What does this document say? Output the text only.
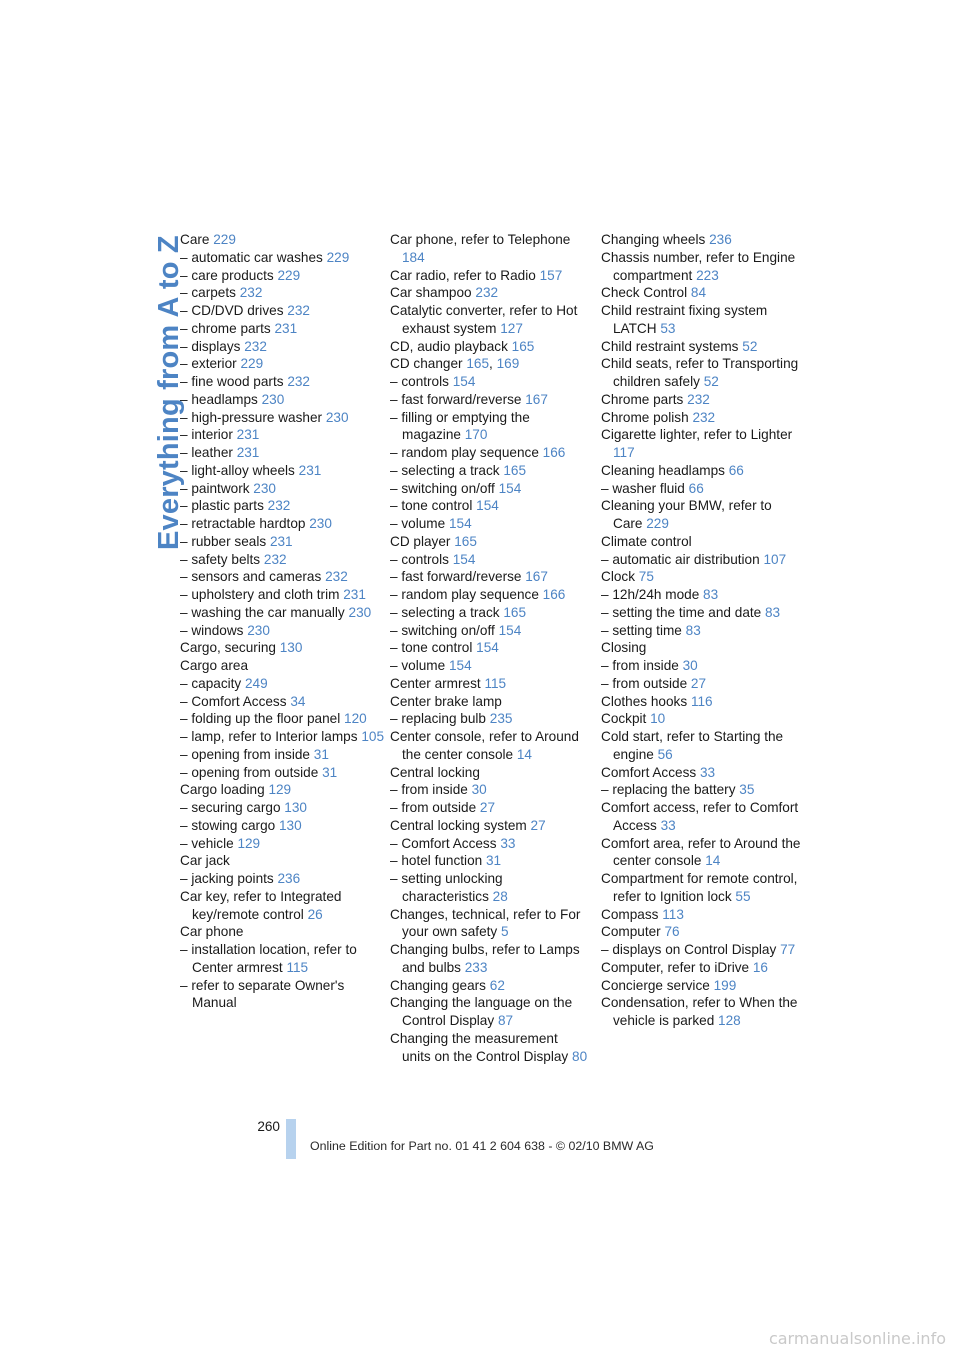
Everything from A to Z
Care 229
– automatic car washes 229
– care products 229
– carpets 232
– CD/DVD drives 232
– chrome parts 231
– displays 232
– exterior 229
– fine wood parts 232
– headlamps 230
– high-pressure washer 230
– interior 231
– leather 231
– light-alloy wheels 231
– paintwork 230
– plastic parts 232
– retractable hardtop 230
– rubber seals 231
– safety belts 232
– sensors and cameras 232
– upholstery and cloth trim 231
– washing the car manually 230
– windows 230
Cargo, securing 130
Cargo area
– capacity 249
– Comfort Access 34
– folding up the floor panel 120
– lamp, refer to Interior lamps 105
– opening from inside 31
– opening from outside 31
Cargo loading 129
– securing cargo 130
– stowing cargo 130
– vehicle 129
Car jack
– jacking points 236
Car key, refer to Integrated key/remote control 26
Car phone
– installation location, refer to Center armrest 115
– refer to separate Owner's Manual
Car phone, refer to Telephone 184
Car radio, refer to Radio 157
Car shampoo 232
Catalytic converter, refer to Hot exhaust system 127
CD, audio playback 165
CD changer 165, 169
– controls 154
– fast forward/reverse 167
– filling or emptying the magazine 170
– random play sequence 166
– selecting a track 165
– switching on/off 154
– tone control 154
– volume 154
CD player 165
– controls 154
– fast forward/reverse 167
– random play sequence 166
– selecting a track 165
– switching on/off 154
– tone control 154
– volume 154
Center armrest 115
Center brake lamp
– replacing bulb 235
Center console, refer to Around the center console 14
Central locking
– from inside 30
– from outside 27
Central locking system 27
– Comfort Access 33
– hotel function 31
– setting unlocking characteristics 28
Changes, technical, refer to For your own safety 5
Changing bulbs, refer to Lamps and bulbs 233
Changing gears 62
Changing the language on the Control Display 87
Changing the measurement units on the Control Display 80
Changing wheels 236
Chassis number, refer to Engine compartment 223
Check Control 84
Child restraint fixing system LATCH 53
Child restraint systems 52
Child seats, refer to Transporting children safely 52
Chrome parts 232
Chrome polish 232
Cigarette lighter, refer to Lighter 117
Cleaning headlamps 66
– washer fluid 66
Cleaning your BMW, refer to Care 229
Climate control
– automatic air distribution 107
Clock 75
– 12h/24h mode 83
– setting the time and date 83
– setting time 83
Closing
– from inside 30
– from outside 27
Clothes hooks 116
Cockpit 10
Cold start, refer to Starting the engine 56
Comfort Access 33
– replacing the battery 35
Comfort access, refer to Comfort Access 33
Comfort area, refer to Around the center console 14
Compartment for remote control, refer to Ignition lock 55
Compass 113
Computer 76
– displays on Control Display 77
Computer, refer to iDrive 16
Concierge service 199
Condensation, refer to When the vehicle is parked 128
260
Online Edition for Part no. 01 41 2 604 638 - © 02/10 BMW AG
carmanualsonline.info
